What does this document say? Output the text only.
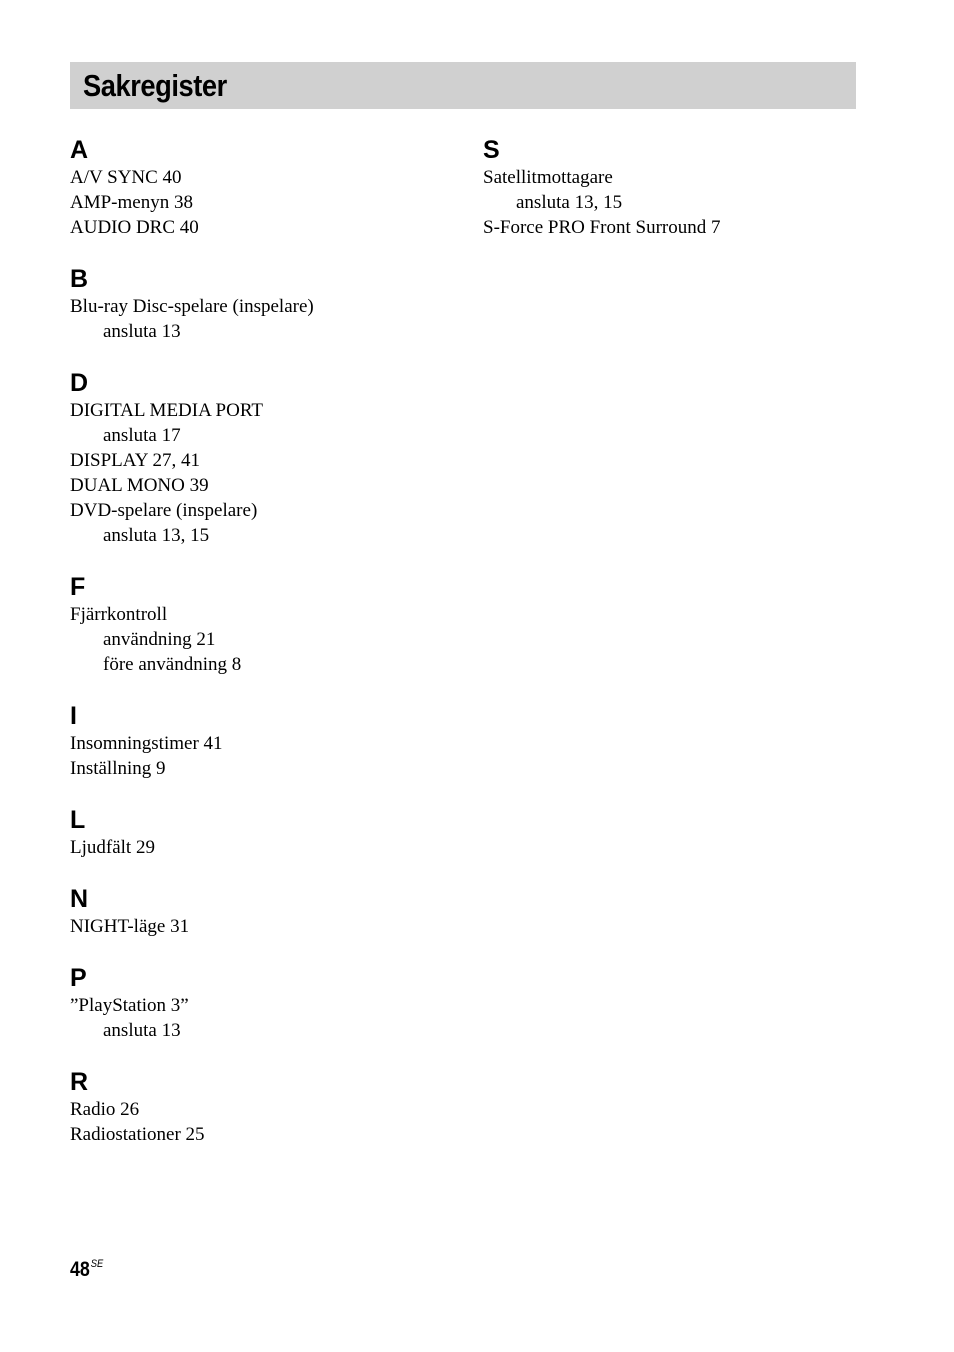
Sakregister
A
A/V SYNC 40
AMP-menyn 38
AUDIO DRC 40
B
Blu-ray Disc-spelare (inspelare)
ansluta 13
D
DIGITAL MEDIA PORT
ansluta 17
DISPLAY 27, 41
DUAL MONO 39
DVD-spelare (inspelare)
ansluta 13, 15
F
Fjärrkontroll
användning 21
före användning 8
I
Insomningstimer 41
Inställning 9
L
Ljudfält 29
N
NIGHT-läge 31
P
”PlayStation 3”
ansluta 13
R
Radio 26
Radiostationer 25
S
Satellitmottagare
ansluta 13, 15
S-Force PRO Front Surround 7
$48^{SE}$
